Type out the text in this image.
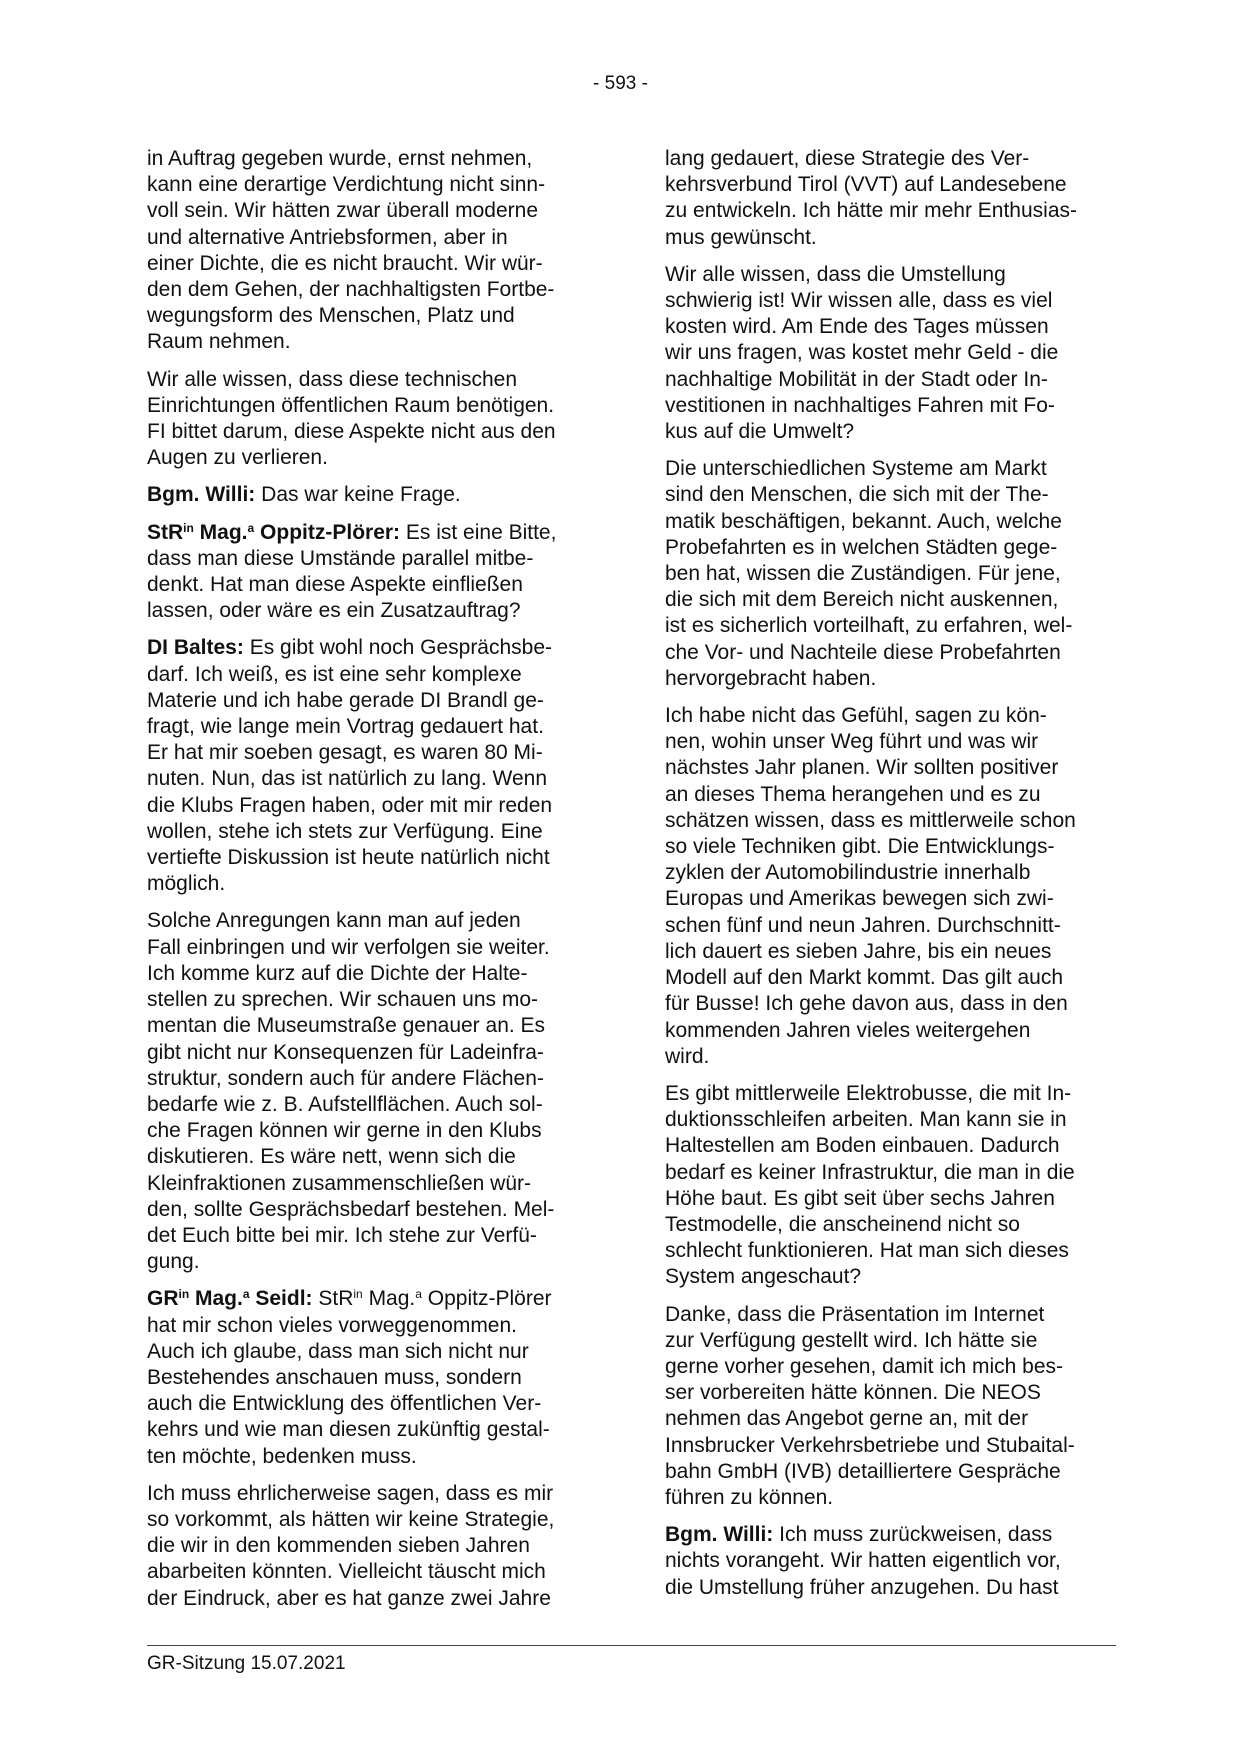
- 593 -

in Auftrag gegeben wurde, ernst nehmen,
kann eine derartige Verdichtung nicht sinn-
voll sein. Wir hätten zwar überall moderne
und alternative Antriebsformen, aber in
einer Dichte, die es nicht braucht. Wir wür-
den dem Gehen, der nachhaltigsten Fortbe-
wegungsform des Menschen, Platz und
Raum nehmen.

Wir alle wissen, dass diese technischen
Einrichtungen öffentlichen Raum benötigen.
FI bittet darum, diese Aspekte nicht aus den
Augen zu verlieren.

Bgm. Willi: Das war keine Frage.

StR$^{in}$ Mag.$^a$ Oppitz-Plörer: Es ist eine Bitte,
dass man diese Umstände parallel mitbe-
denkt. Hat man diese Aspekte einfließen
lassen, oder wäre es ein Zusatzauftrag?

DI Baltes: Es gibt wohl noch Gesprächsbe-
darf. Ich weiß, es ist eine sehr komplexe
Materie und ich habe gerade DI Brandl ge-
fragt, wie lange mein Vortrag gedauert hat.
Er hat mir soeben gesagt, es waren 80 Mi-
nuten. Nun, das ist natürlich zu lang. Wenn
die Klubs Fragen haben, oder mit mir reden
wollen, stehe ich stets zur Verfügung. Eine
vertiefte Diskussion ist heute natürlich nicht
möglich.

Solche Anregungen kann man auf jeden
Fall einbringen und wir verfolgen sie weiter.
Ich komme kurz auf die Dichte der Halte-
stellen zu sprechen. Wir schauen uns mo-
mentan die Museumstraße genauer an. Es
gibt nicht nur Konsequenzen für Ladeinfra-
struktur, sondern auch für andere Flächen-
bedarfe wie z. B. Aufstellflächen. Auch sol-
che Fragen können wir gerne in den Klubs
diskutieren. Es wäre nett, wenn sich die
Kleinfraktionen zusammenschließen wür-
den, sollte Gesprächsbedarf bestehen. Mel-
det Euch bitte bei mir. Ich stehe zur Verfü-
gung.

$GR^{in}$ Mag.$^a$ Seidl: StR$^{in}$ Mag.$^a$ Oppitz-Plörer
hat mir schon vieles vorweggenommen.
Auch ich glaube, dass man sich nicht nur
Bestehendes anschauen muss, sondern
auch die Entwicklung des öffentlichen Ver-
kehrs und wie man diesen zukünftig gestal-
ten möchte, bedenken muss.

Ich muss ehrlicherweise sagen, dass es mir
so vorkommt, als hätten wir keine Strategie,
die wir in den kommenden sieben Jahren
abarbeiten könnten. Vielleicht täuscht mich
der Eindruck, aber es hat ganze zwei Jahre

lang gedauert, diese Strategie des Ver-
kehrsverbund Tirol (VVT) auf Landesebene
zu entwickeln. Ich hätte mir mehr Enthusias-
mus gewünscht.

Wir alle wissen, dass die Umstellung
schwierig ist! Wir wissen alle, dass es viel
kosten wird. Am Ende des Tages müssen
wir uns fragen, was kostet mehr Geld - die
nachhaltige Mobilität in der Stadt oder In-
vestitionen in nachhaltiges Fahren mit Fo-
kus auf die Umwelt?

Die unterschiedlichen Systeme am Markt
sind den Menschen, die sich mit der The-
matik beschäftigen, bekannt. Auch, welche
Probefahrten es in welchen Städten gege-
ben hat, wissen die Zuständigen. Für jene,
die sich mit dem Bereich nicht auskennen,
ist es sicherlich vorteilhaft, zu erfahren, wel-
che Vor- und Nachteile diese Probefahrten
hervorgebracht haben.

Ich habe nicht das Gefühl, sagen zu kön-
nen, wohin unser Weg führt und was wir
nächstes Jahr planen. Wir sollten positiver
an dieses Thema herangehen und es zu
schätzen wissen, dass es mittlerweile schon
so viele Techniken gibt. Die Entwicklungs-
zyklen der Automobilindustrie innerhalb
Europas und Amerikas bewegen sich zwi-
schen fünf und neun Jahren. Durchschnitt-
lich dauert es sieben Jahre, bis ein neues
Modell auf den Markt kommt. Das gilt auch
für Busse! Ich gehe davon aus, dass in den
kommenden Jahren vieles weitergehen
wird.

Es gibt mittlerweile Elektrobusse, die mit In-
duktionsschleifen arbeiten. Man kann sie in
Haltestellen am Boden einbauen. Dadurch
bedarf es keiner Infrastruktur, die man in die
Höhe baut. Es gibt seit über sechs Jahren
Testmodelle, die anscheinend nicht so
schlecht funktionieren. Hat man sich dieses
System angeschaut?

Danke, dass die Präsentation im Internet
zur Verfügung gestellt wird. Ich hätte sie
gerne vorher gesehen, damit ich mich bes-
ser vorbereiten hätte können. Die NEOS
nehmen das Angebot gerne an, mit der
Innsbrucker Verkehrsbetriebe und Stubaital-
bahn GmbH (IVB) detailliertere Gespräche
führen zu können.

Bgm. Willi: Ich muss zurückweisen, dass
nichts vorangeht. Wir hatten eigentlich vor,
die Umstellung früher anzugehen. Du hast

GR-Sitzung 15.07.2021
